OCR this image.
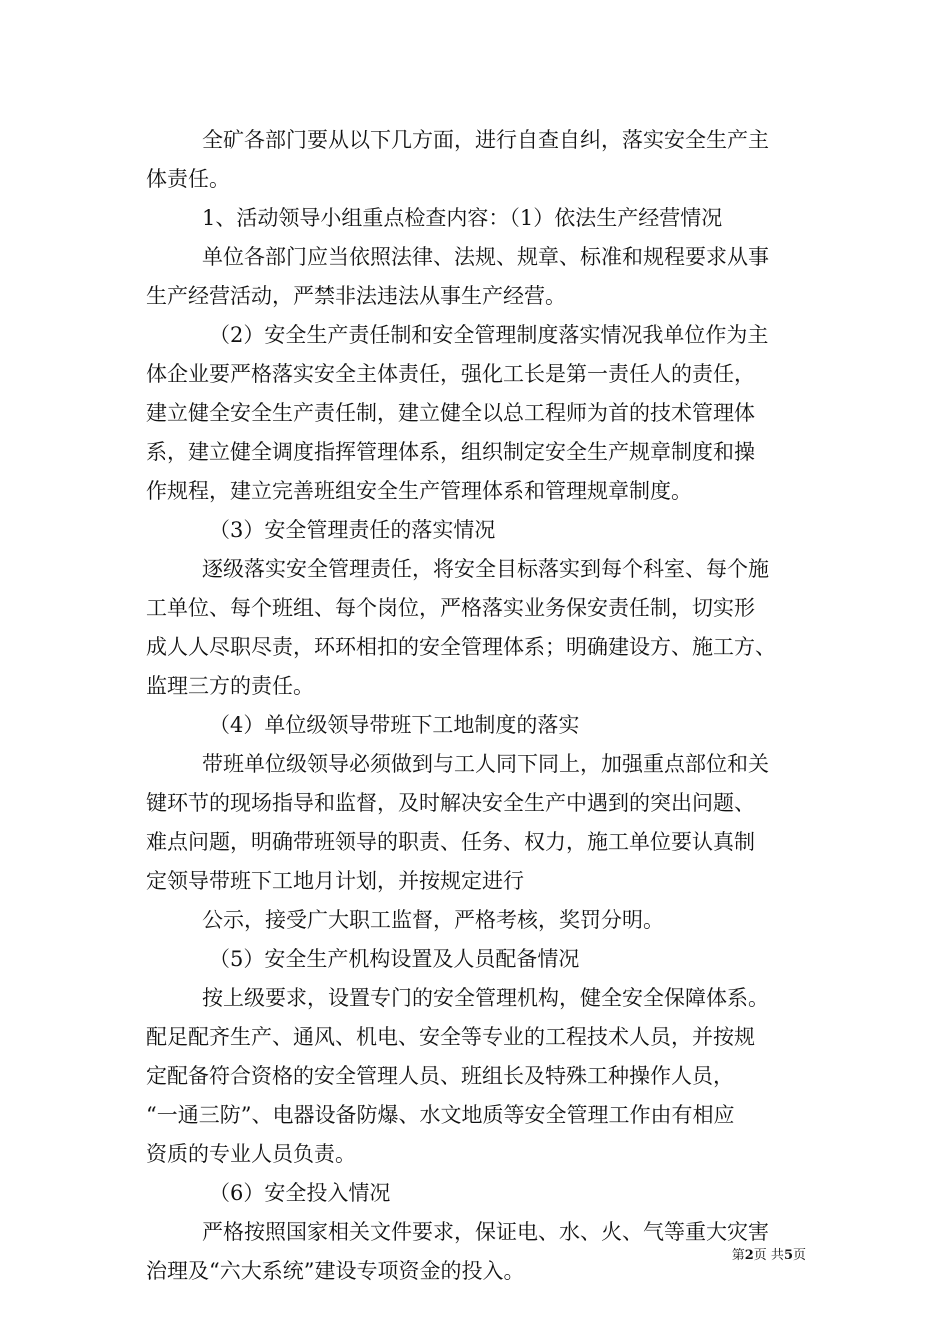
全矿各部门要从以下几方面，进行自查自纠，落实安全生产主
体责任。
1、活动领导小组重点检查内容：（1）依法生产经营情况
单位各部门应当依照法律、法规、规章、标准和规程要求从事
生产经营活动，严禁非法违法从事生产经营。
（2）安全生产责任制和安全管理制度落实情况我单位作为主
体企业要严格落实安全主体责任，强化工长是第一责任人的责任，
建立健全安全生产责任制，建立健全以总工程师为首的技术管理体
系，建立健全调度指挥管理体系，组织制定安全生产规章制度和操
作规程，建立完善班组安全生产管理体系和管理规章制度。
（3）安全管理责任的落实情况
逐级落实安全管理责任，将安全目标落实到每个科室、每个施
工单位、每个班组、每个岗位，严格落实业务保安责任制，切实形
成人人尽职尽责，环环相扣的安全管理体系；明确建设方、施工方、
监理三方的责任。
（4）单位级领导带班下工地制度的落实
带班单位级领导必须做到与工人同下同上，加强重点部位和关
键环节的现场指导和监督，及时解决安全生产中遇到的突出问题、
难点问题，明确带班领导的职责、任务、权力，施工单位要认真制
定领导带班下工地月计划，并按规定进行
公示，接受广大职工监督，严格考核，奖罚分明。
（5）安全生产机构设置及人员配备情况
按上级要求，设置专门的安全管理机构，健全安全保障体系。
配足配齐生产、通风、机电、安全等专业的工程技术人员，并按规
定配备符合资格的安全管理人员、班组长及特殊工种操作人员，
“一通三防”、电器设备防爆、水文地质等安全管理工作由有相应
资质的专业人员负责。
（6）安全投入情况
严格按照国家相关文件要求，保证电、水、火、气等重大灾害
治理及“六大系统”建设专项资金的投入。
第2页 共5页
